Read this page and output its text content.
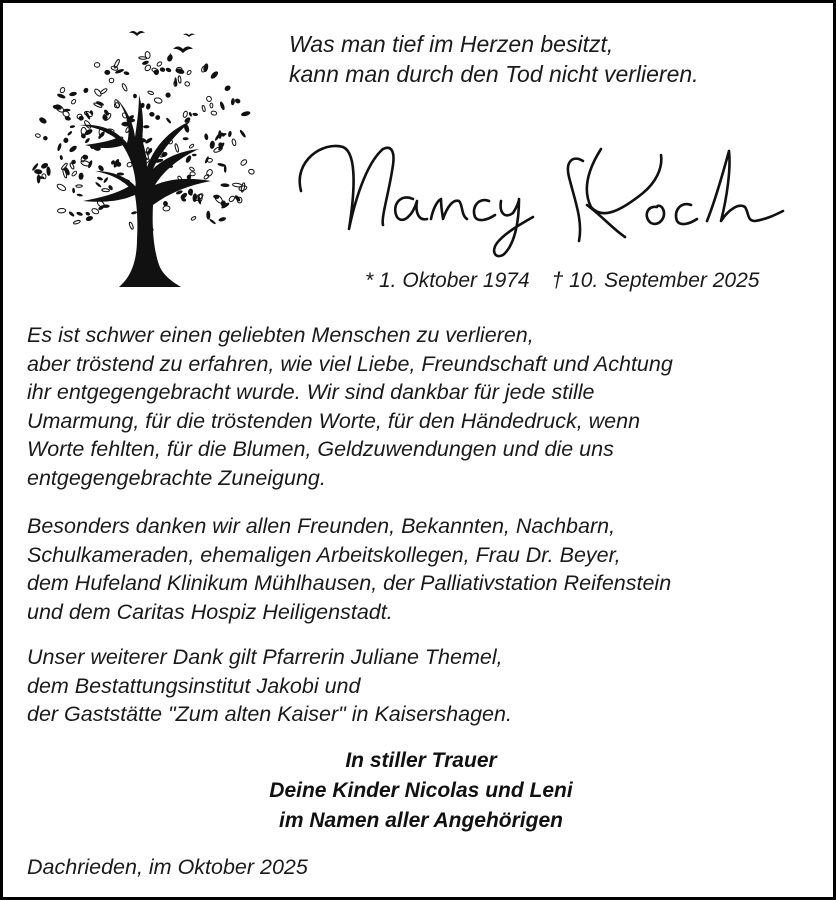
Was man tief im Herzen besitzt,
kann man durch den Tod nicht verlieren.
* 1. Oktober 1974 † 10. September 2025
Es ist schwer einen geliebten Menschen zu verlieren,
aber tröstend zu erfahren, wie viel Liebe, Freundschaft und Achtung
ihr entgegengebracht wurde. Wir sind dankbar für jede stille
Umarmung, für die tröstenden Worte, für den Händedruck, wenn
Worte fehlten, für die Blumen, Geldzuwendungen und die uns
entgegengebrachte Zuneigung.
Besonders danken wir allen Freunden, Bekannten, Nachbarn,
Schulkameraden, ehemaligen Arbeitskollegen, Frau Dr. Beyer,
dem Hufeland Klinikum Mühlhausen, der Palliativstation Reifenstein
und dem Caritas Hospiz Heiligenstadt.
Unser weiterer Dank gilt Pfarrerin Juliane Themel,
dem Bestattungsinstitut Jakobi und
der Gaststätte "Zum alten Kaiser" in Kaisershagen.
In stiller Trauer
Deine Kinder Nicolas und Leni
im Namen aller Angehörigen
Dachrieden, im Oktober 2025
